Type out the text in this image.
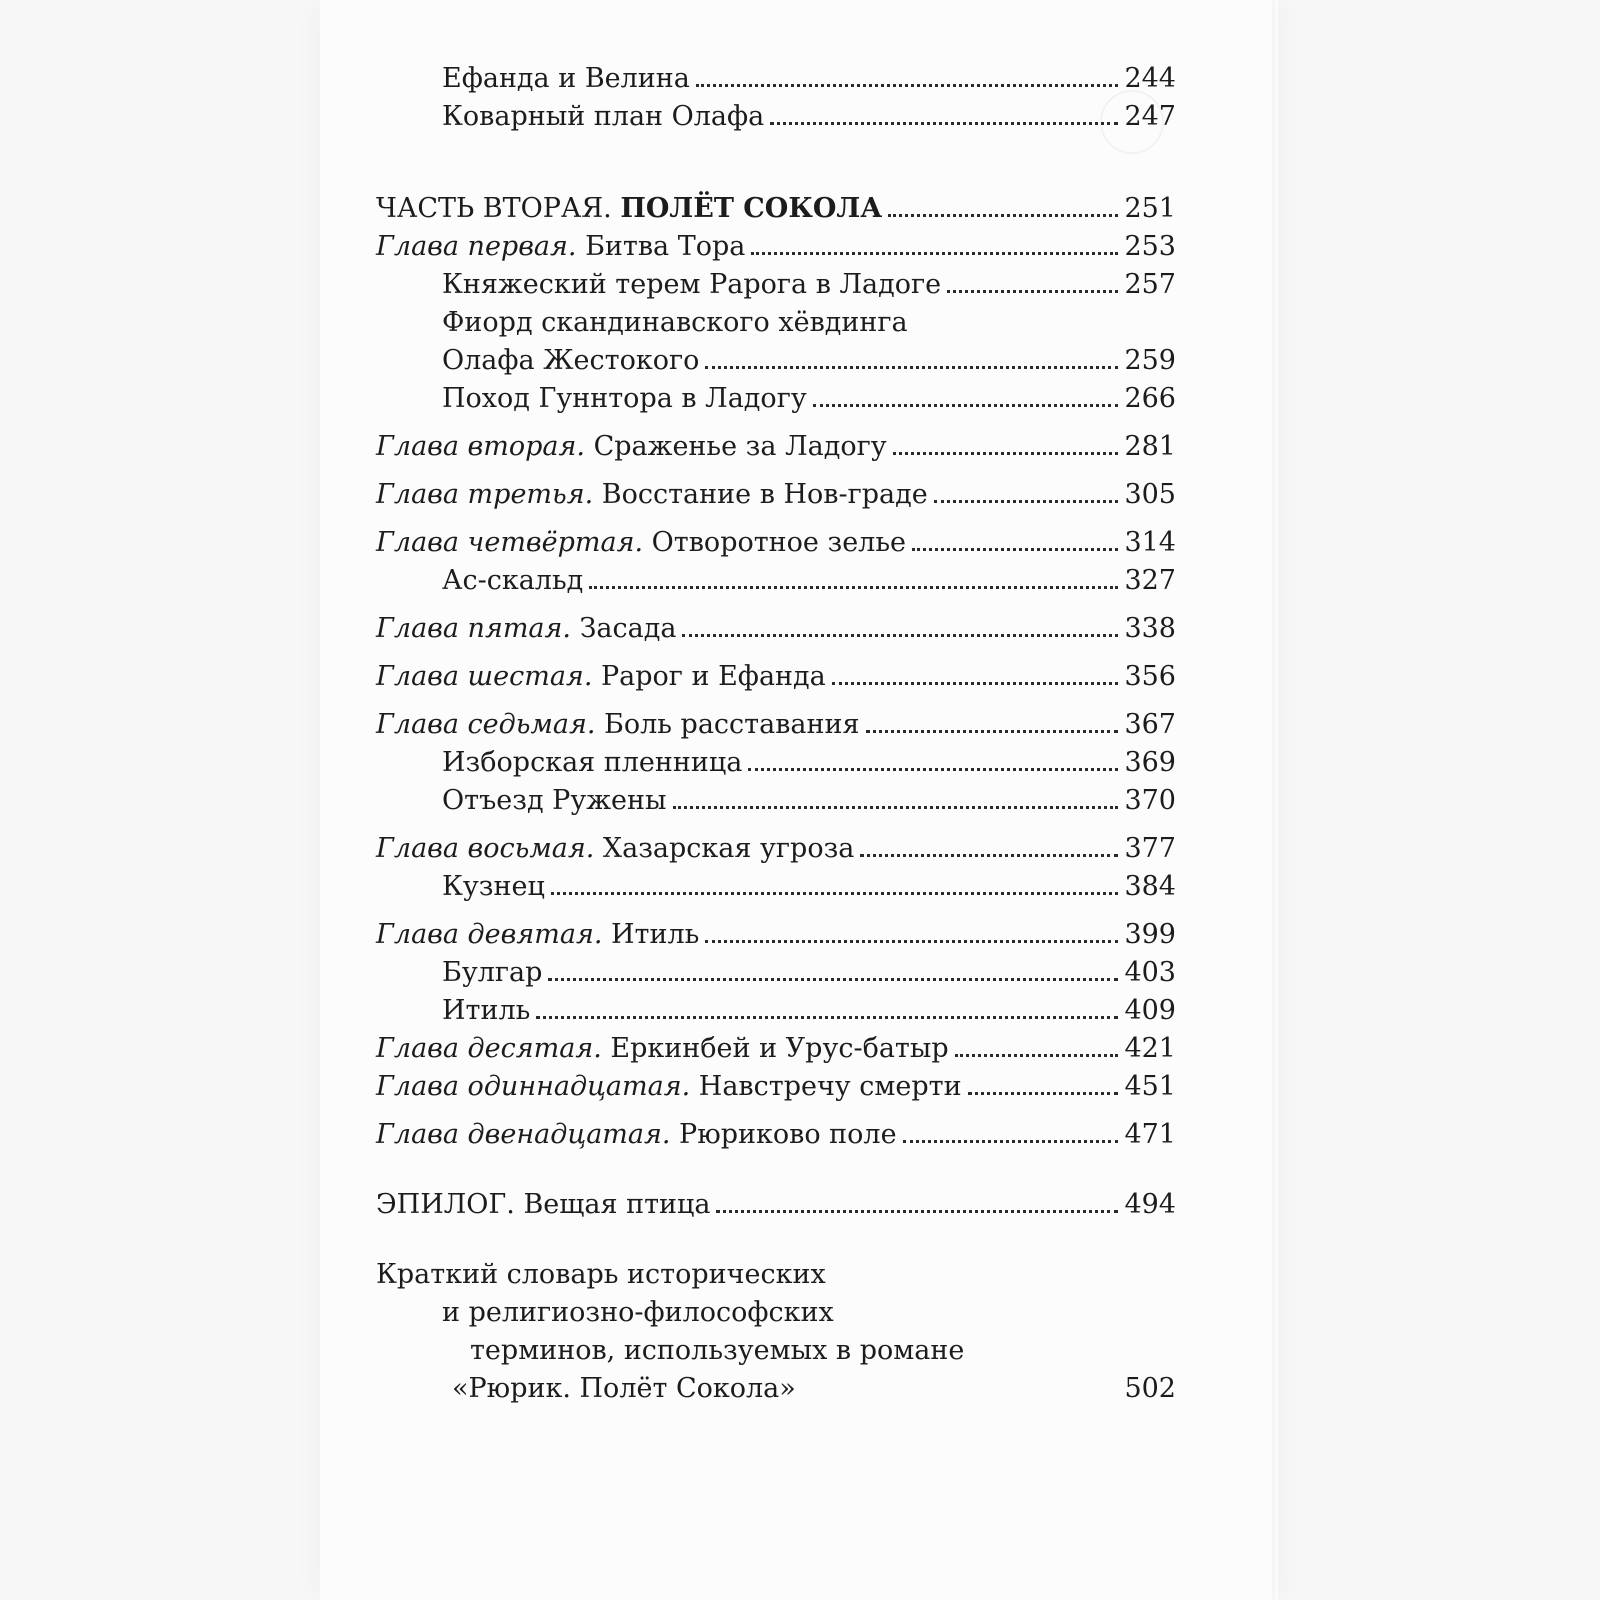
Ефанда и Велина	244
Коварный план Олафа	247
ЧАСТЬ ВТОРАЯ. ПОЛЁТ СОКОЛА	251
Глава первая. Битва Тора	253
Княжеский терем Рарога в Ладоге	257
Фиорд скандинавского хёвдинга
Олафа Жестокого	259
Поход Гуннтора в Ладогу	266
Глава вторая. Сраженье за Ладогу	281
Глава третья. Восстание в Нов-граде	305
Глава четвёртая. Отворотное зелье	314
Ас-скальд	327
Глава пятая. Засада	338
Глава шестая. Рарог и Ефанда	356
Глава седьмая. Боль расставания	367
Изборская пленница	369
Отъезд Ружены	370
Глава восьмая. Хазарская угроза	377
Кузнец	384
Глава девятая. Итиль	399
Булгар	403
Итиль	409
Глава десятая. Еркинбей и Урус-батыр	421
Глава одиннадцатая. Навстречу смерти	451
Глава двенадцатая. Рюриково поле	471
ЭПИЛОГ. Вещая птица	494
Краткий словарь исторических
и религиозно-философских
терминов, используемых в романе
«Рюрик. Полёт Сокола»	502
